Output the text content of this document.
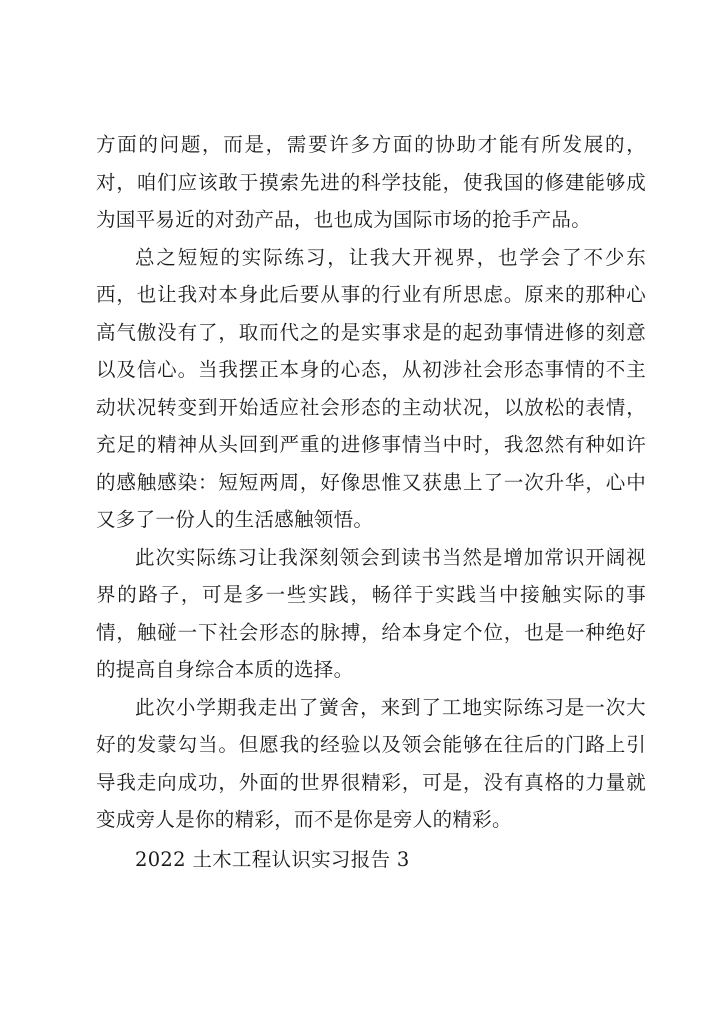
方面的问题，而是，需要许多方面的协助才能有所发展的，对，咱们应该敢于摸索先进的科学技能，使我国的修建能够成为国平易近的对劲产品，也也成为国际市场的抢手产品。

总之短短的实际练习，让我大开视界，也学会了不少东西，也让我对本身此后要从事的行业有所思虑。原来的那种心高气傲没有了，取而代之的是实事求是的起劲事情进修的刻意以及信心。当我摆正本身的心态，从初涉社会形态事情的不主动状况转变到开始适应社会形态的主动状况，以放松的表情，充足的精神从头回到严重的进修事情当中时，我忽然有种如许的感触感染：短短两周，好像思惟又获患上了一次升华，心中又多了一份人的生活感触领悟。

此次实际练习让我深刻领会到读书当然是增加常识开阔视界的路子，可是多一些实践，畅徉于实践当中接触实际的事情，触碰一下社会形态的脉搏，给本身定个位，也是一种绝好的提高自身综合本质的选择。

此次小学期我走出了黉舍，来到了工地实际练习是一次大好的发蒙勾当。但愿我的经验以及领会能够在往后的门路上引导我走向成功，外面的世界很精彩，可是，没有真格的力量就变成旁人是你的精彩，而不是你是旁人的精彩。

2022 土木工程认识实习报告 3
